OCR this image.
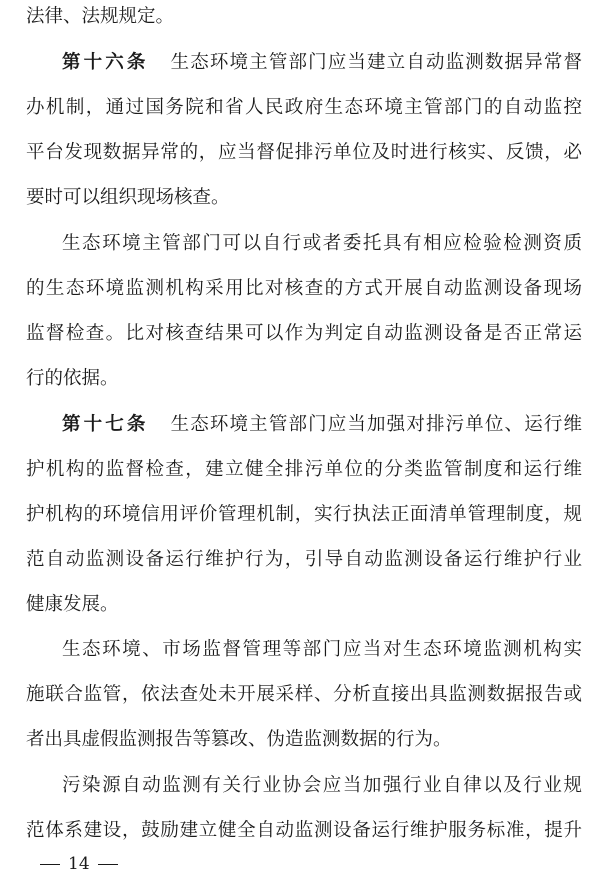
法律、法规规定。
第十六条 生态环境主管部门应当建立自动监测数据异常督
办机制，通过国务院和省人民政府生态环境主管部门的自动监控
平台发现数据异常的，应当督促排污单位及时进行核实、反馈，必
要时可以组织现场核查。
生态环境主管部门可以自行或者委托具有相应检验检测资质
的生态环境监测机构采用比对核查的方式开展自动监测设备现场
监督检查。比对核查结果可以作为判定自动监测设备是否正常运
行的依据。
第十七条 生态环境主管部门应当加强对排污单位、运行维
护机构的监督检查，建立健全排污单位的分类监管制度和运行维
护机构的环境信用评价管理机制，实行执法正面清单管理制度，规
范自动监测设备运行维护行为，引导自动监测设备运行维护行业
健康发展。
生态环境、市场监督管理等部门应当对生态环境监测机构实
施联合监管，依法查处未开展采样、分析直接出具监测数据报告或
者出具虚假监测报告等篡改、伪造监测数据的行为。
污染源自动监测有关行业协会应当加强行业自律以及行业规
范体系建设，鼓励建立健全自动监测设备运行维护服务标准，提升
14
